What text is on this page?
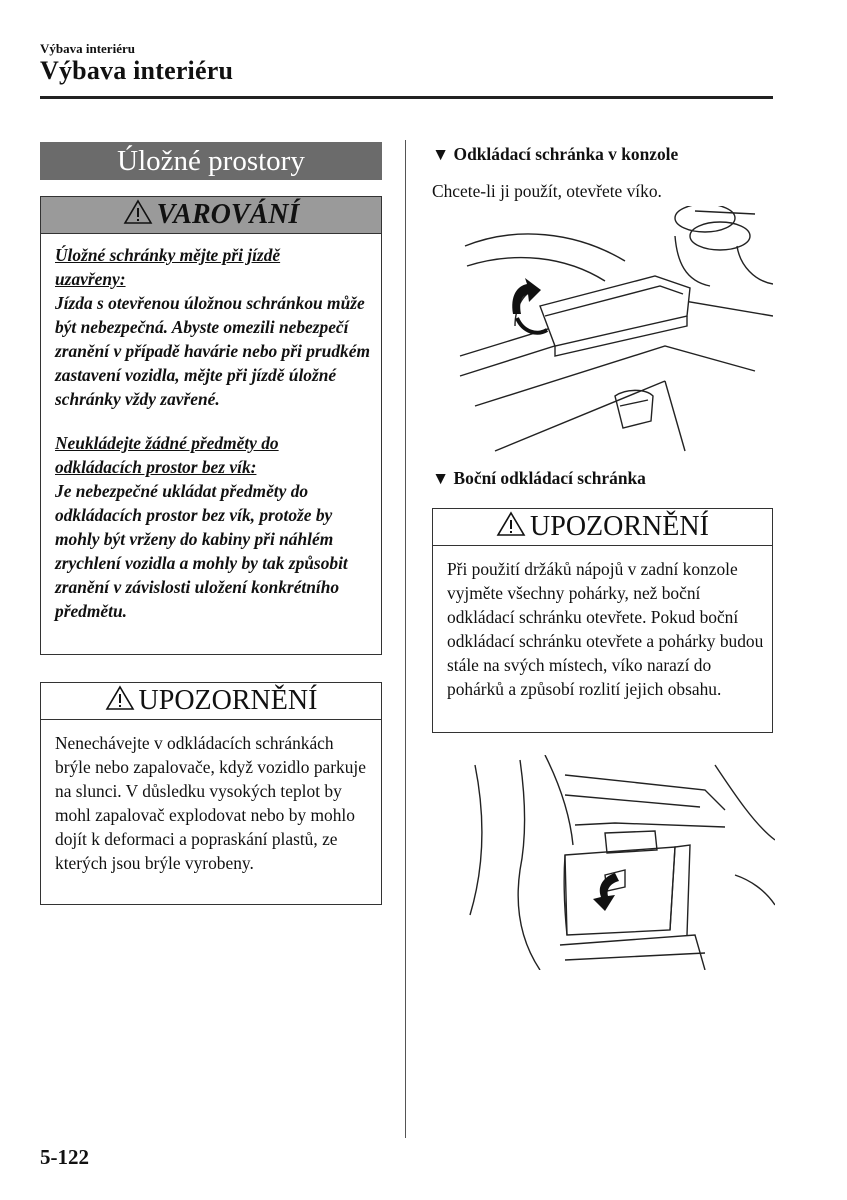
Výbava interiéru
Výbava interiéru
Úložné prostory
VAROVÁNÍ

Úložné schránky mějte při jízdě
uzavřeny:
Jízda s otevřenou úložnou schránkou může být nebezpečná. Abyste omezili nebezpečí zranění v případě havárie nebo při prudkém zastavení vozidla, mějte při jízdě úložné schránky vždy zavřené.

Neukládejte žádné předměty do
odkládacích prostor bez vík:
Je nebezpečné ukládat předměty do odkládacích prostor bez vík, protože by mohly být vrženy do kabiny při náhlém zrychlení vozidla a mohly by tak způsobit zranění v závislosti uložení konkrétního předmětu.

UPOZORNĚNÍ
Nenechávejte v odkládacích schránkách brýle nebo zapalovače, když vozidlo parkuje na slunci. V důsledku vysokých teplot by mohl zapalovač explodovat nebo by mohlo dojít k deformaci a popraskání plastů, ze kterých jsou brýle vyrobeny.
▼ Odkládací schránka v konzole
Chcete-li ji použít, otevřete víko.
▼ Boční odkládací schránka
UPOZORNĚNÍ
Při použití držáků nápojů v zadní konzole vyjměte všechny pohárky, než boční odkládací schránku otevřete. Pokud boční odkládací schránku otevřete a pohárky budou stále na svých místech, víko narazí do pohárků a způsobí rozlití jejich obsahu.
5-122
